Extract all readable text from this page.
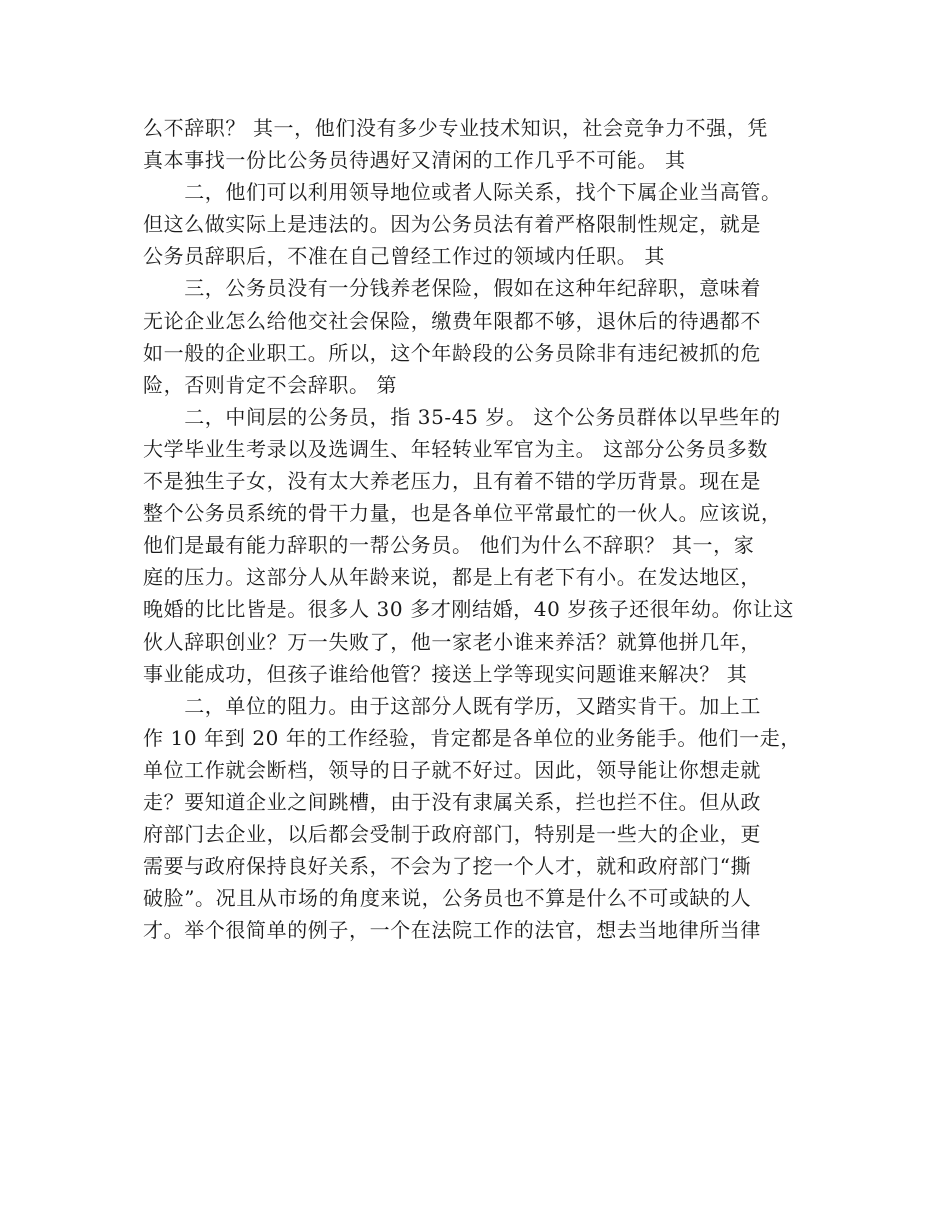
么不辞职？ 其一，他们没有多少专业技术知识，社会竞争力不强，凭
真本事找一份比公务员待遇好又清闲的工作几乎不可能。 其
　　二，他们可以利用领导地位或者人际关系，找个下属企业当高管。
但这么做实际上是违法的。因为公务员法有着严格限制性规定，就是
公务员辞职后，不准在自己曾经工作过的领域内任职。 其
　　三，公务员没有一分钱养老保险，假如在这种年纪辞职，意味着
无论企业怎么给他交社会保险，缴费年限都不够，退休后的待遇都不
如一般的企业职工。所以，这个年龄段的公务员除非有违纪被抓的危
险，否则肯定不会辞职。 第
　　二，中间层的公务员，指 35-45 岁。 这个公务员群体以早些年的
大学毕业生考录以及选调生、年轻转业军官为主。 这部分公务员多数
不是独生子女，没有太大养老压力，且有着不错的学历背景。现在是
整个公务员系统的骨干力量，也是各单位平常最忙的一伙人。应该说，
他们是最有能力辞职的一帮公务员。 他们为什么不辞职？ 其一，家
庭的压力。这部分人从年龄来说，都是上有老下有小。在发达地区，
晚婚的比比皆是。很多人 30 多才刚结婚，40 岁孩子还很年幼。你让这
伙人辞职创业？万一失败了，他一家老小谁来养活？就算他拼几年，
事业能成功，但孩子谁给他管？接送上学等现实问题谁来解决？ 其
　　二，单位的阻力。由于这部分人既有学历，又踏实肯干。加上工
作 10 年到 20 年的工作经验，肯定都是各单位的业务能手。他们一走，
单位工作就会断档，领导的日子就不好过。因此，领导能让你想走就
走？要知道企业之间跳槽，由于没有隶属关系，拦也拦不住。但从政
府部门去企业，以后都会受制于政府部门，特别是一些大的企业，更
需要与政府保持良好关系，不会为了挖一个人才，就和政府部门“撕
破脸”。况且从市场的角度来说，公务员也不算是什么不可或缺的人
才。举个很简单的例子，一个在法院工作的法官，想去当地律所当律
